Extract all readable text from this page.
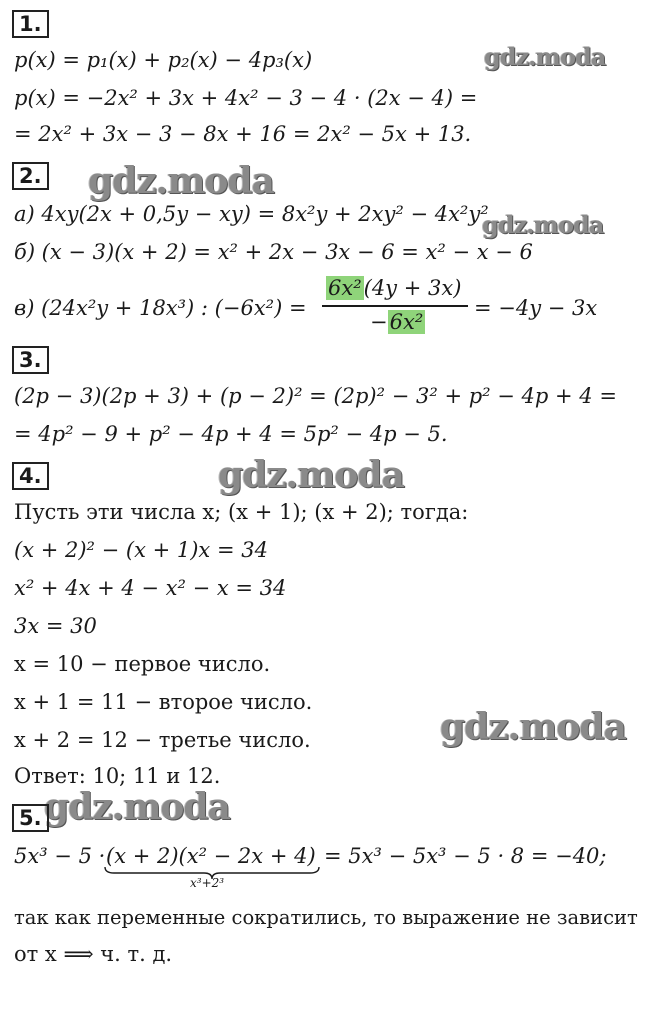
gdz.moda
gdz.moda
gdz.moda
gdz.moda
gdz.moda
gdz.moda
1.
p(x) = p₁(x) + p₂(x) − 4p₃(x)
p(x) = −2x² + 3x + 4x² − 3 − 4 · (2x − 4) =
= 2x² + 3x − 3 − 8x + 16 = 2x² − 5x + 13.
2.
а) 4xy(2x + 0,5y − xy) = 8x²y + 2xy² − 4x²y²
б) (x − 3)(x + 2) = x² + 2x − 3x − 6 = x² − x − 6
в) (24x²y + 18x³) : (−6x²) =
6x²(4y + 3x)
−6x²
= −4y − 3x
3.
(2p − 3)(2p + 3) + (p − 2)² = (2p)² − 3² + p² − 4p + 4 =
= 4p² − 9 + p² − 4p + 4 = 5p² − 4p − 5.
4.
Пусть эти числа x; (x + 1); (x + 2); тогда:
(x + 2)² − (x + 1)x = 34
x² + 4x + 4 − x² − x = 34
3x = 30
x = 10 − первое число.
x + 1 = 11 − второе число.
x + 2 = 12 − третье число.
Ответ: 10; 11 и 12.
5.
5x³ − 5 · (x + 2)(x² − 2x + 4)
x³+2³
= 5x³ − 5x³ − 5 · 8 = −40;
так как переменные сократились, то выражение не зависит
от x ⟹ ч. т. д.
